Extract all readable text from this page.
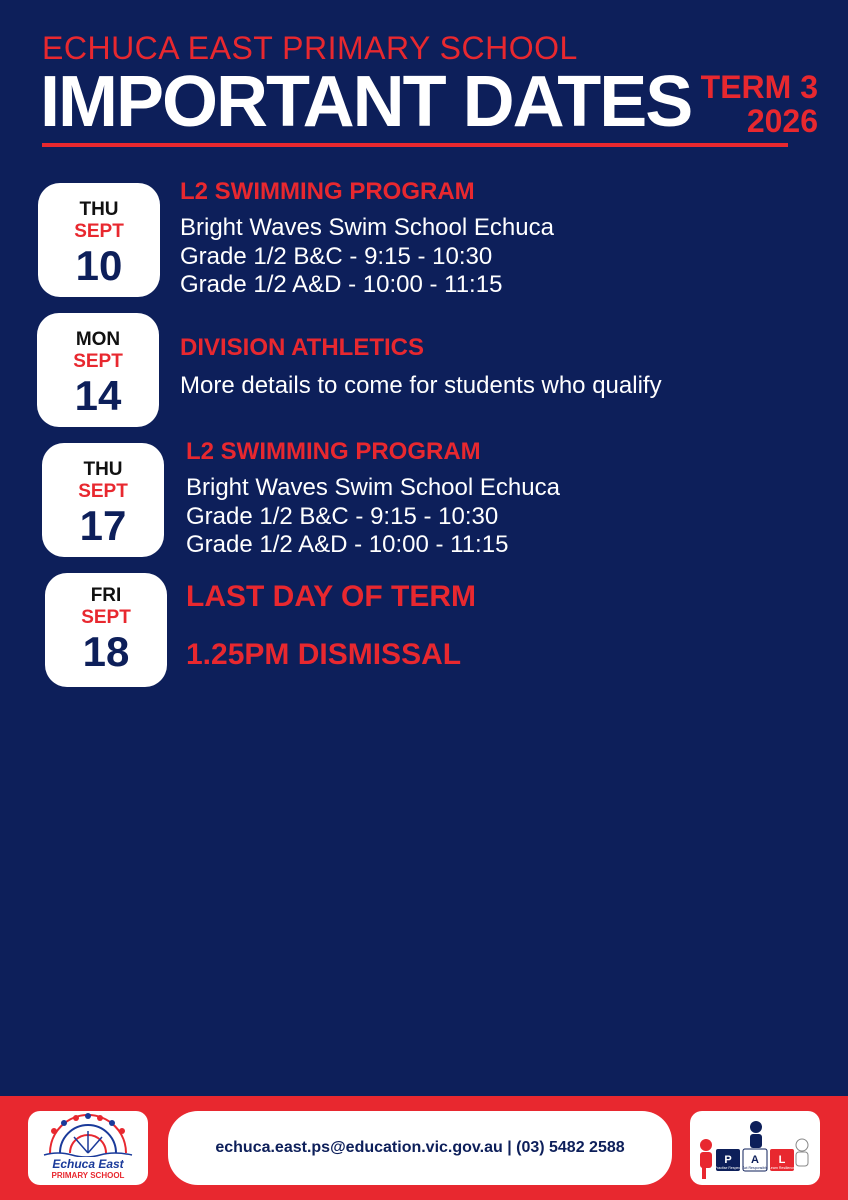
ECHUCA EAST PRIMARY SCHOOL
IMPORTANT DATES TERM 3
2026
THU
SEPT
10
L2 SWIMMING PROGRAM
Bright Waves Swim School Echuca
Grade 1/2 B&C - 9:15 - 10:30
Grade 1/2 A&D - 10:00 - 11:15
MON
SEPT
14
DIVISION ATHLETICS
More details to come for students who qualify
THU
SEPT
17
L2 SWIMMING PROGRAM
Bright Waves Swim School Echuca
Grade 1/2 B&C - 9:15 - 10:30
Grade 1/2 A&D - 10:00 - 11:15
FRI
SEPT
18
LAST DAY OF TERM
1.25PM DISMISSAL
Echuca East
PRIMARY SCHOOL
echuca.east.ps@education.vic.gov.au | (03) 5482 2588
P A L
Practise Respect Act Responsibly Learn Resilience
